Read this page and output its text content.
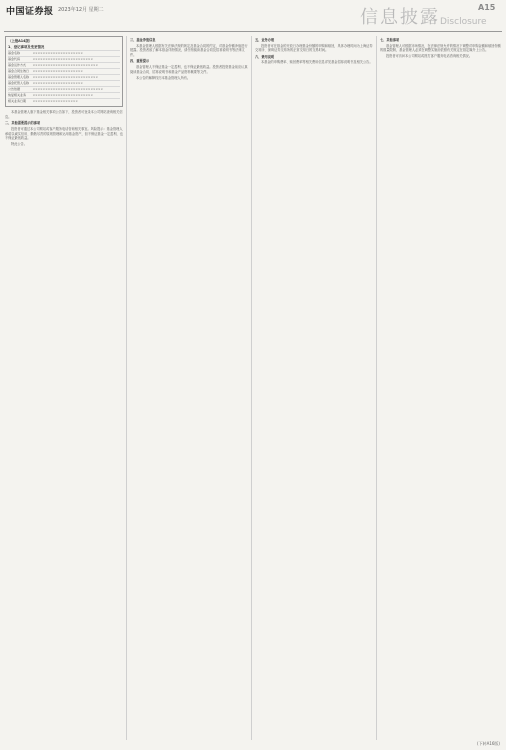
中国证券报 2023年12月 星期二	信息披露 Disclosure
A15
（上接A14版）
1、登记事项及变更情况
基金名称	××××××××××××××××××××
基金代码	××××××××××××××××××××××××
基金运作方式	××××××××××××××××××××××××××
基金合同生效日	××××××××××××××××××××
基金管理人名称	××××××××××××××××××××××××××
基金托管人名称	××××××××××××××××××××
公告依据	××××××××××××××××××××××××××××
恢复相关业务	××××××××××××××××××××××××
相关业务日期	××××××××××××××××××

本基金管理人旗下基金相关事项公告如下，投资者可登录本公司网站查询相关信息。

二、其他需要提示的事项

投资者可通过本公司网站或客户服务电话咨询相关事宜。风险提示：基金管理人承诺以诚实信用、勤勉尽责的原则管理和运用基金资产，但不保证基金一定盈利，也不保证最低收益。

特此公告。

三、基金净值信息

本基金管理人根据有关法律法规的规定及基金合同的约定，对基金份额净值进行披露。投资者欲了解本基金详细情况，请仔细阅读基金合同及招募说明书等法律文件。

四、重要提示

基金管理人不保证基金一定盈利，也不保证最低收益。投资者投资基金前应认真阅读基金合同、招募说明书和基金产品资料概要等文件。

本公告的解释权归本基金管理人所有。

五、业务办理

投资者可在基金的开放日办理基金份额的申购和赎回，具体办理时间为上海证券交易所、深圳证券交易所的正常交易日的交易时间。

六、费用说明

本基金的申购费率、赎回费率等相关费用信息详见基金招募说明书及相关公告。

七、其他事项

基金管理人可根据市场情况，在法律法规允许的情况下调整对申购金额和赎回份额的数量限制，基金管理人必须在调整实施前依照有关规定在指定媒介上公告。

投资者可访问本公司网站或拨打客户服务电话咨询相关情况。

(下转A16版)
